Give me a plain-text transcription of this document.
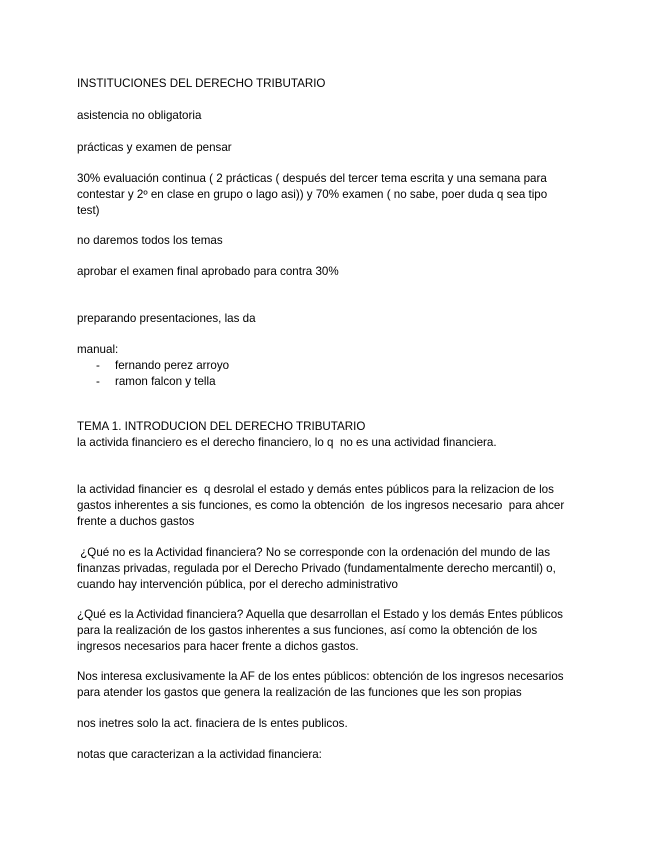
INSTITUCIONES DEL DERECHO TRIBUTARIO
asistencia no obligatoria
prácticas y examen de pensar
30% evaluación continua ( 2 prácticas ( después del tercer tema escrita y una semana para
contestar y 2º en clase en grupo o lago asi)) y 70% examen ( no sabe, poer duda q sea tipo
test)
no daremos todos los temas
aprobar el examen final aprobado para contra 30%
preparando presentaciones, las da
manual:
- fernando perez arroyo
- ramon falcon y tella
TEMA 1. INTRODUCION DEL DERECHO TRIBUTARIO
la activida financiero es el derecho financiero, lo q  no es una actividad financiera.
la actividad financier es  q desrolal el estado y demás entes públicos para la relizacion de los
gastos inherentes a sis funciones, es como la obtención  de los ingresos necesario  para ahcer
frente a duchos gastos
¿Qué no es la Actividad financiera? No se corresponde con la ordenación del mundo de las
finanzas privadas, regulada por el Derecho Privado (fundamentalmente derecho mercantil) o,
cuando hay intervención pública, por el derecho administrativo
¿Qué es la Actividad financiera? Aquella que desarrollan el Estado y los demás Entes públicos
para la realización de los gastos inherentes a sus funciones, así como la obtención de los
ingresos necesarios para hacer frente a dichos gastos.
Nos interesa exclusivamente la AF de los entes públicos: obtención de los ingresos necesarios
para atender los gastos que genera la realización de las funciones que les son propias
nos inetres solo la act. finaciera de ls entes publicos.
notas que caracterizan a la actividad financiera:
